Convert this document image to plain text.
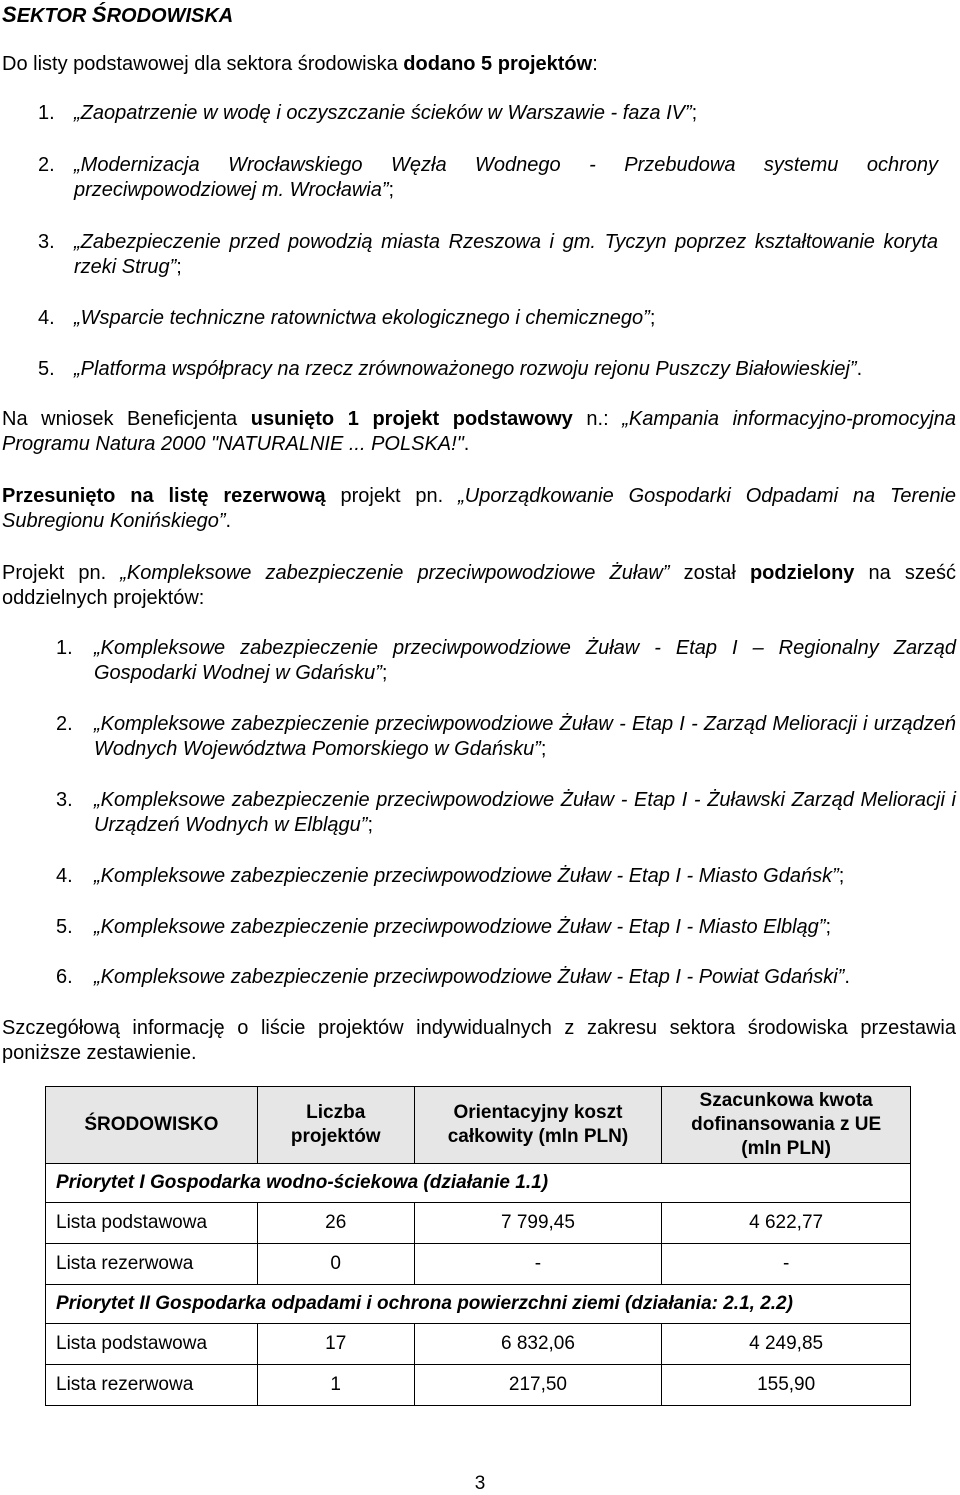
SEKTOR ŚRODOWISKA
Do listy podstawowej dla sektora środowiska dodano 5 projektów:
1. „Zaopatrzenie w wodę i oczyszczanie ścieków w Warszawie - faza IV”;
2. „Modernizacja Wrocławskiego Węzła Wodnego - Przebudowa systemu ochrony przeciwpowodziowej m. Wrocławia”;
3. „Zabezpieczenie przed powodzią miasta Rzeszowa i gm. Tyczyn poprzez kształtowanie koryta rzeki Strug”;
4. „Wsparcie techniczne ratownictwa ekologicznego i chemicznego”;
5. „Platforma współpracy na rzecz zrównoważonego rozwoju rejonu Puszczy Białowieskiej”.
Na wniosek Beneficjenta usunięto 1 projekt podstawowy n.: „Kampania informacyjno-promocyjna Programu Natura 2000 "NATURALNIE ... POLSKA!".
Przesunięto na listę rezerwową projekt pn. „Uporządkowanie Gospodarki Odpadami na Terenie Subregionu Konińskiego”.
Projekt pn. „Kompleksowe zabezpieczenie przeciwpowodziowe Żuław” został podzielony na sześć oddzielnych projektów:
1.	„Kompleksowe zabezpieczenie przeciwpowodziowe Żuław - Etap I – Regionalny Zarząd Gospodarki Wodnej w Gdańsku”;
2.	„Kompleksowe zabezpieczenie przeciwpowodziowe Żuław - Etap I - Zarząd Melioracji i urządzeń Wodnych Województwa Pomorskiego w Gdańsku”;
3.	„Kompleksowe zabezpieczenie przeciwpowodziowe Żuław - Etap I - Żuławski Zarząd Melioracji i Urządzeń Wodnych w Elblągu”;
4.	„Kompleksowe zabezpieczenie przeciwpowodziowe Żuław - Etap I - Miasto Gdańsk”;
5.	„Kompleksowe zabezpieczenie przeciwpowodziowe Żuław - Etap I - Miasto Elbląg”;
6.	„Kompleksowe zabezpieczenie przeciwpowodziowe Żuław - Etap I - Powiat Gdański”.
Szczegółową informację o liście projektów indywidualnych z zakresu sektora środowiska przestawia poniższe zestawienie.
ŚRODOWISKO	Liczba projektów	Orientacyjny koszt całkowity (mln PLN)	Szacunkowa kwota dofinansowania z UE (mln PLN)
Priorytet I Gospodarka wodno-ściekowa (działanie 1.1)			
Lista podstawowa	26	7 799,45	4 622,77
Lista rezerwowa	0	-	-
Priorytet II Gospodarka odpadami i ochrona powierzchni ziemi (działania: 2.1, 2.2)			
Lista podstawowa	17	6 832,06	4 249,85
Lista rezerwowa	1	217,50	155,90
3
